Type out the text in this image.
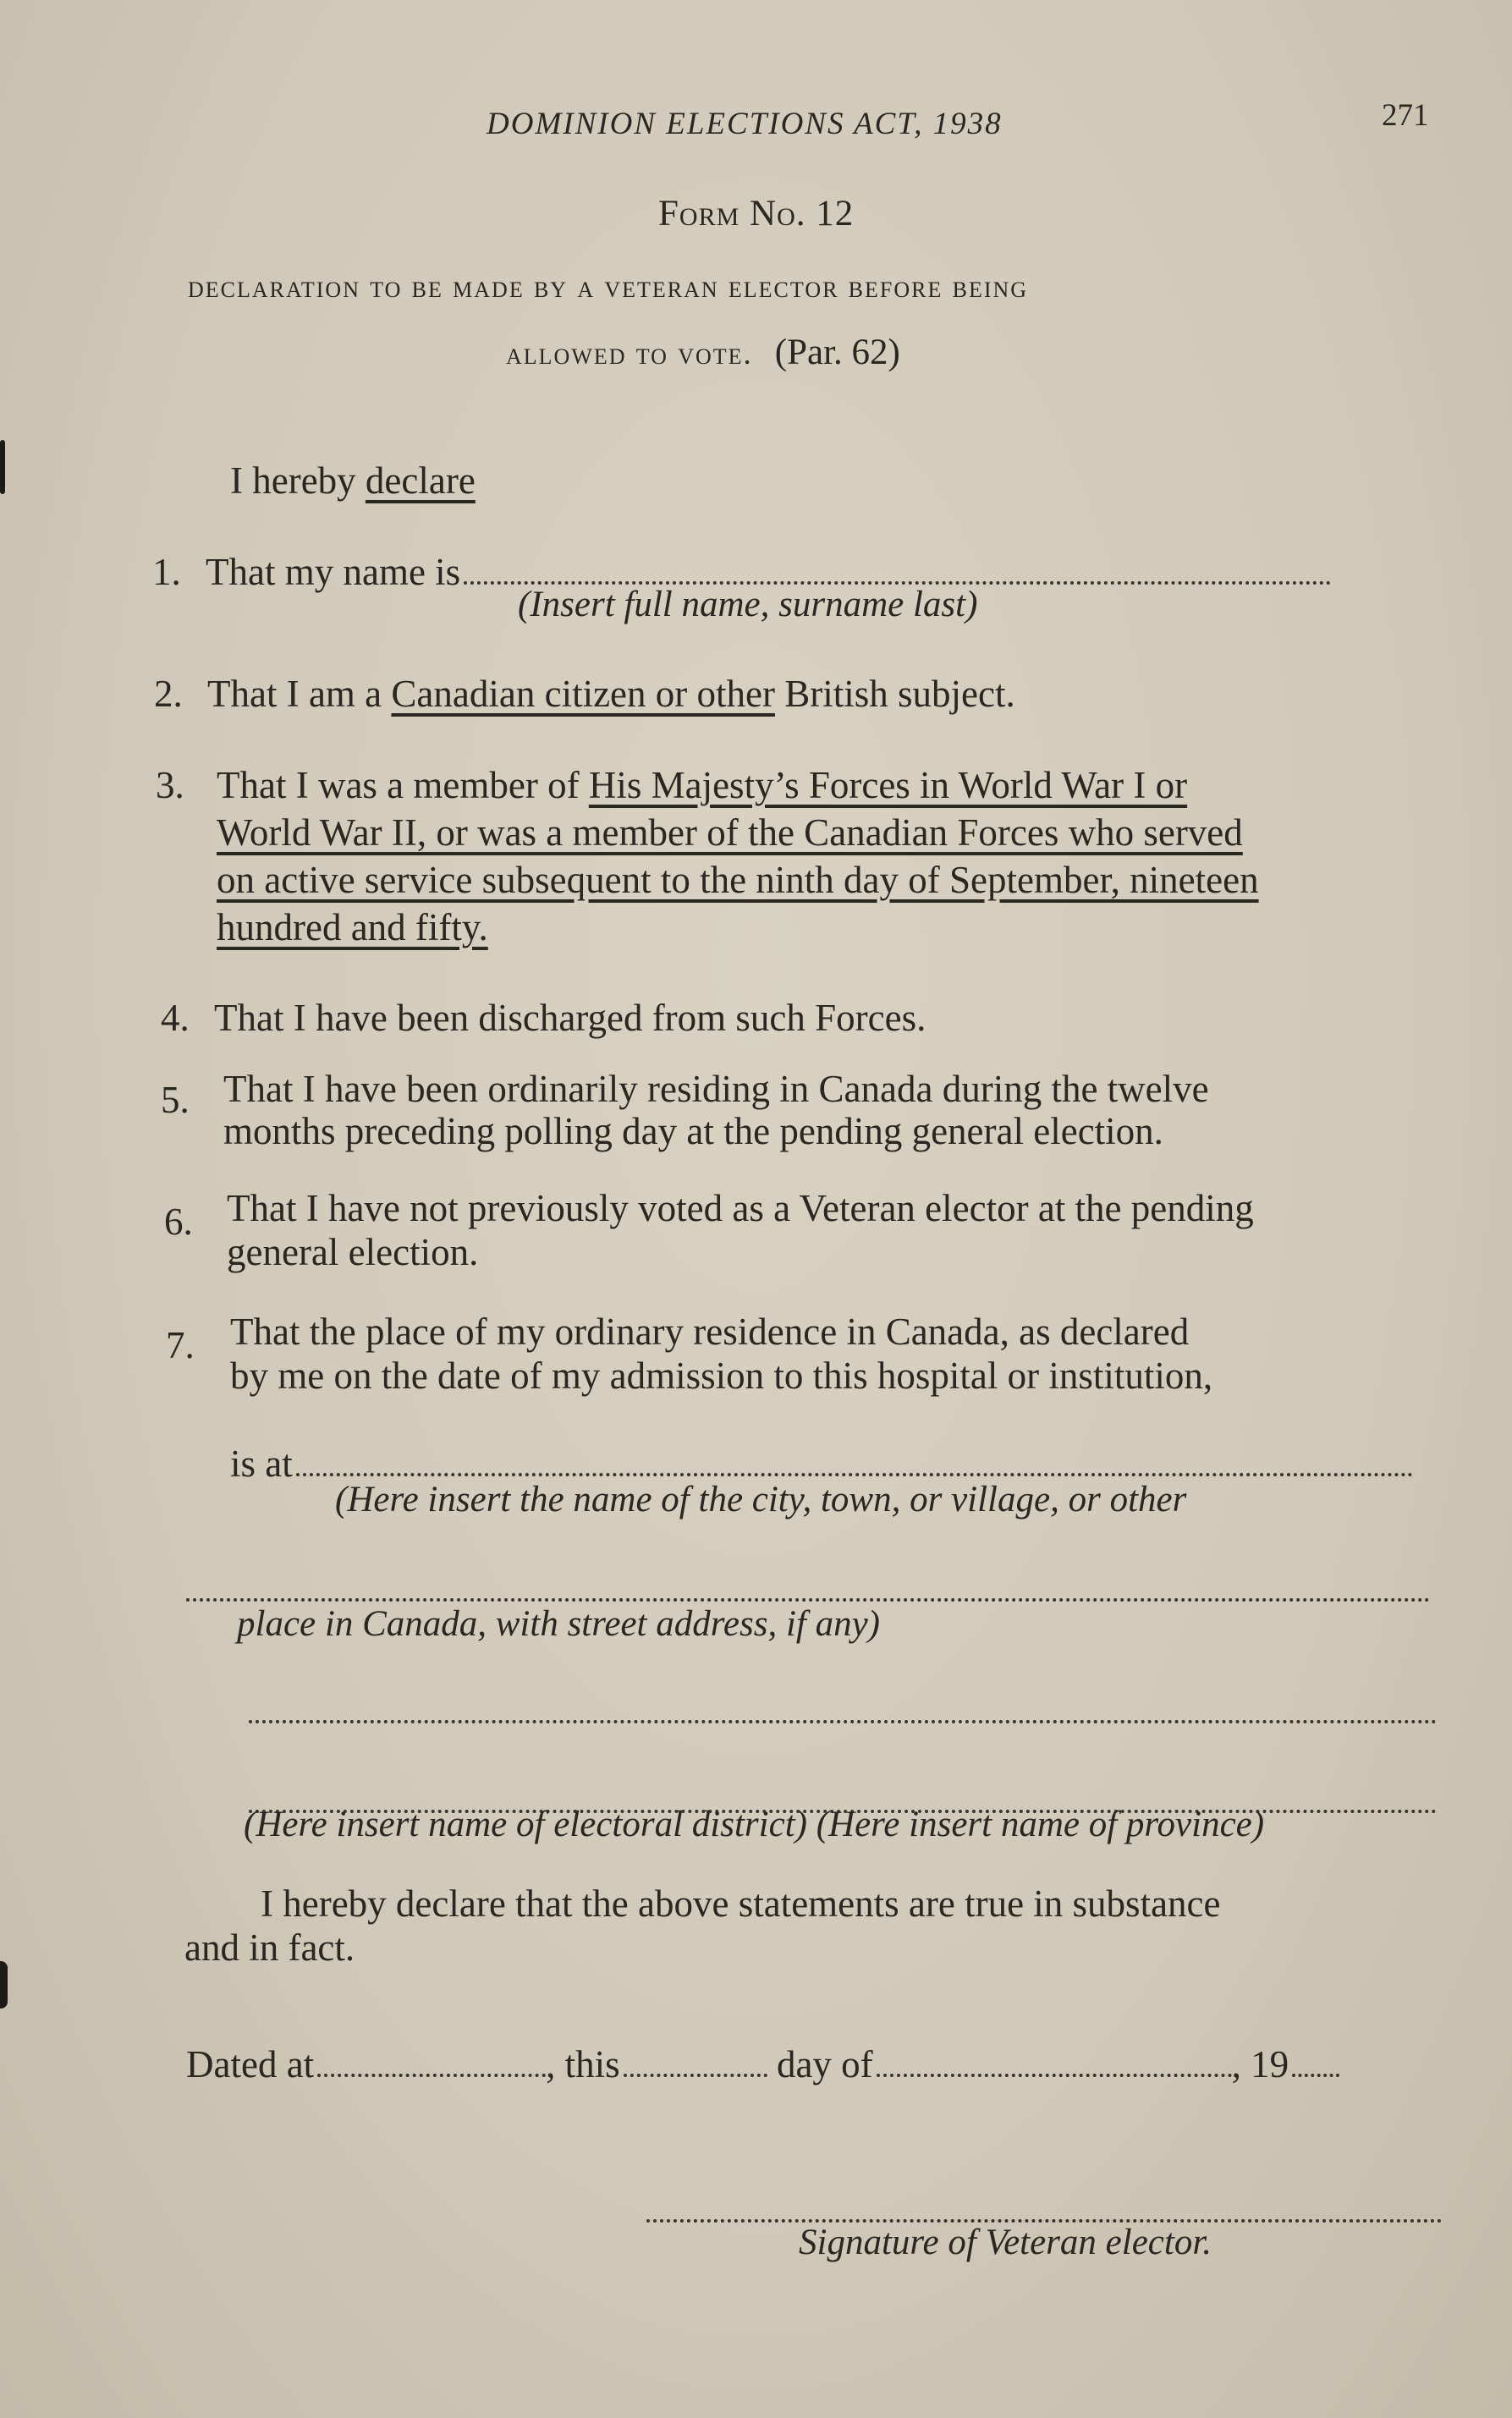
DOMINION ELECTIONS ACT, 1938	271
Form No. 12
declaration to be made by a veteran elector before being
allowed to vote. (Par. 62)
I hereby declare
1. That my name is
(Insert full name, surname last)
2. That I am a Canadian citizen or other British subject.
3. That I was a member of His Majesty’s Forces in World War I or
World War II, or was a member of the Canadian Forces who served
on active service subsequent to the ninth day of September, nineteen
hundred and fifty.
4. That I have been discharged from such Forces.
5. That I have been ordinarily residing in Canada during the twelve
months preceding polling day at the pending general election.
6. That I have not previously voted as a Veteran elector at the pending
general election.
7. That the place of my ordinary residence in Canada, as declared
by me on the date of my admission to this hospital or institution,
is at
(Here insert the name of the city, town, or village, or other
place in Canada, with street address, if any)
(Here insert name of electoral district) (Here insert name of province)
I hereby declare that the above statements are true in substance
and in fact.
Dated at	, this	day of	, 19
Signature of Veteran elector.
